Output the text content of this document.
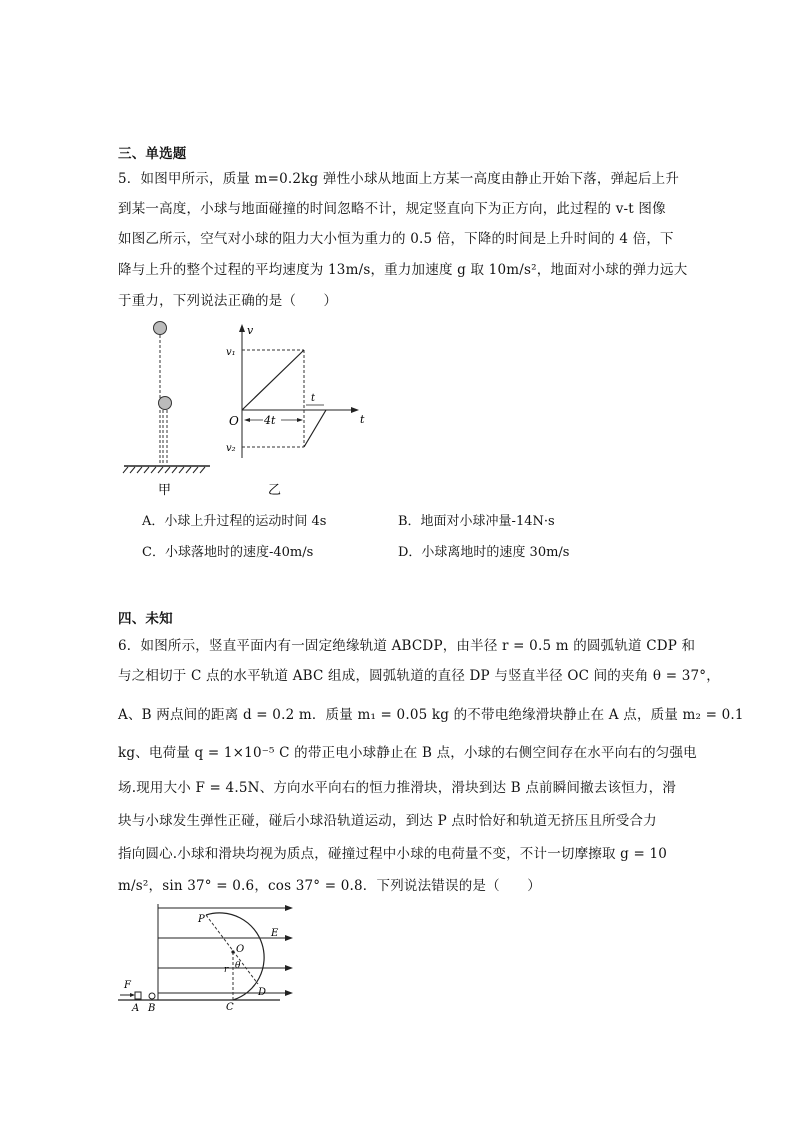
三、单选题
5．如图甲所示，质量 m=0.2kg 弹性小球从地面上方某一高度由静止开始下落，弹起后上升
到某一高度，小球与地面碰撞的时间忽略不计，规定竖直向下为正方向，此过程的 v-t 图像
如图乙所示，空气对小球的阻力大小恒为重力的 0.5 倍，下降的时间是上升时间的 4 倍，下
降与上升的整个过程的平均速度为 13m/s，重力加速度 g 取 10m/s²，地面对小球的弹力远大
于重力，下列说法正确的是（　　）
甲
v
t
O
v₁
v₂
4t
t
乙
A．小球上升过程的运动时间 4s	B．地面对小球冲量-14N·s
C．小球落地时的速度-40m/s	D．小球离地时的速度 30m/s
四、未知
6．如图所示，竖直平面内有一固定绝缘轨道 ABCDP，由半径 r = 0.5 m 的圆弧轨道 CDP 和
与之相切于 C 点的水平轨道 ABC 组成，圆弧轨道的直径 DP 与竖直半径 OC 间的夹角 θ = 37°，
A、B 两点间的距离 d = 0.2 m．质量 m₁ = 0.05 kg 的不带电绝缘滑块静止在 A 点，质量 m₂ = 0.1
kg、电荷量 q = 1×10⁻⁵ C 的带正电小球静止在 B 点，小球的右侧空间存在水平向右的匀强电
场.现用大小 F = 4.5N、方向水平向右的恒力推滑块，滑块到达 B 点前瞬间撤去该恒力，滑
块与小球发生弹性正碰，碰后小球沿轨道运动，到达 P 点时恰好和轨道无挤压且所受合力
指向圆心.小球和滑块均视为质点，碰撞过程中小球的电荷量不变，不计一切摩擦取 g = 10
m/s²，sin 37° = 0.6，cos 37° = 0.8．下列说法错误的是（　　）
P
O
E
D
C
r θ
F
A B
